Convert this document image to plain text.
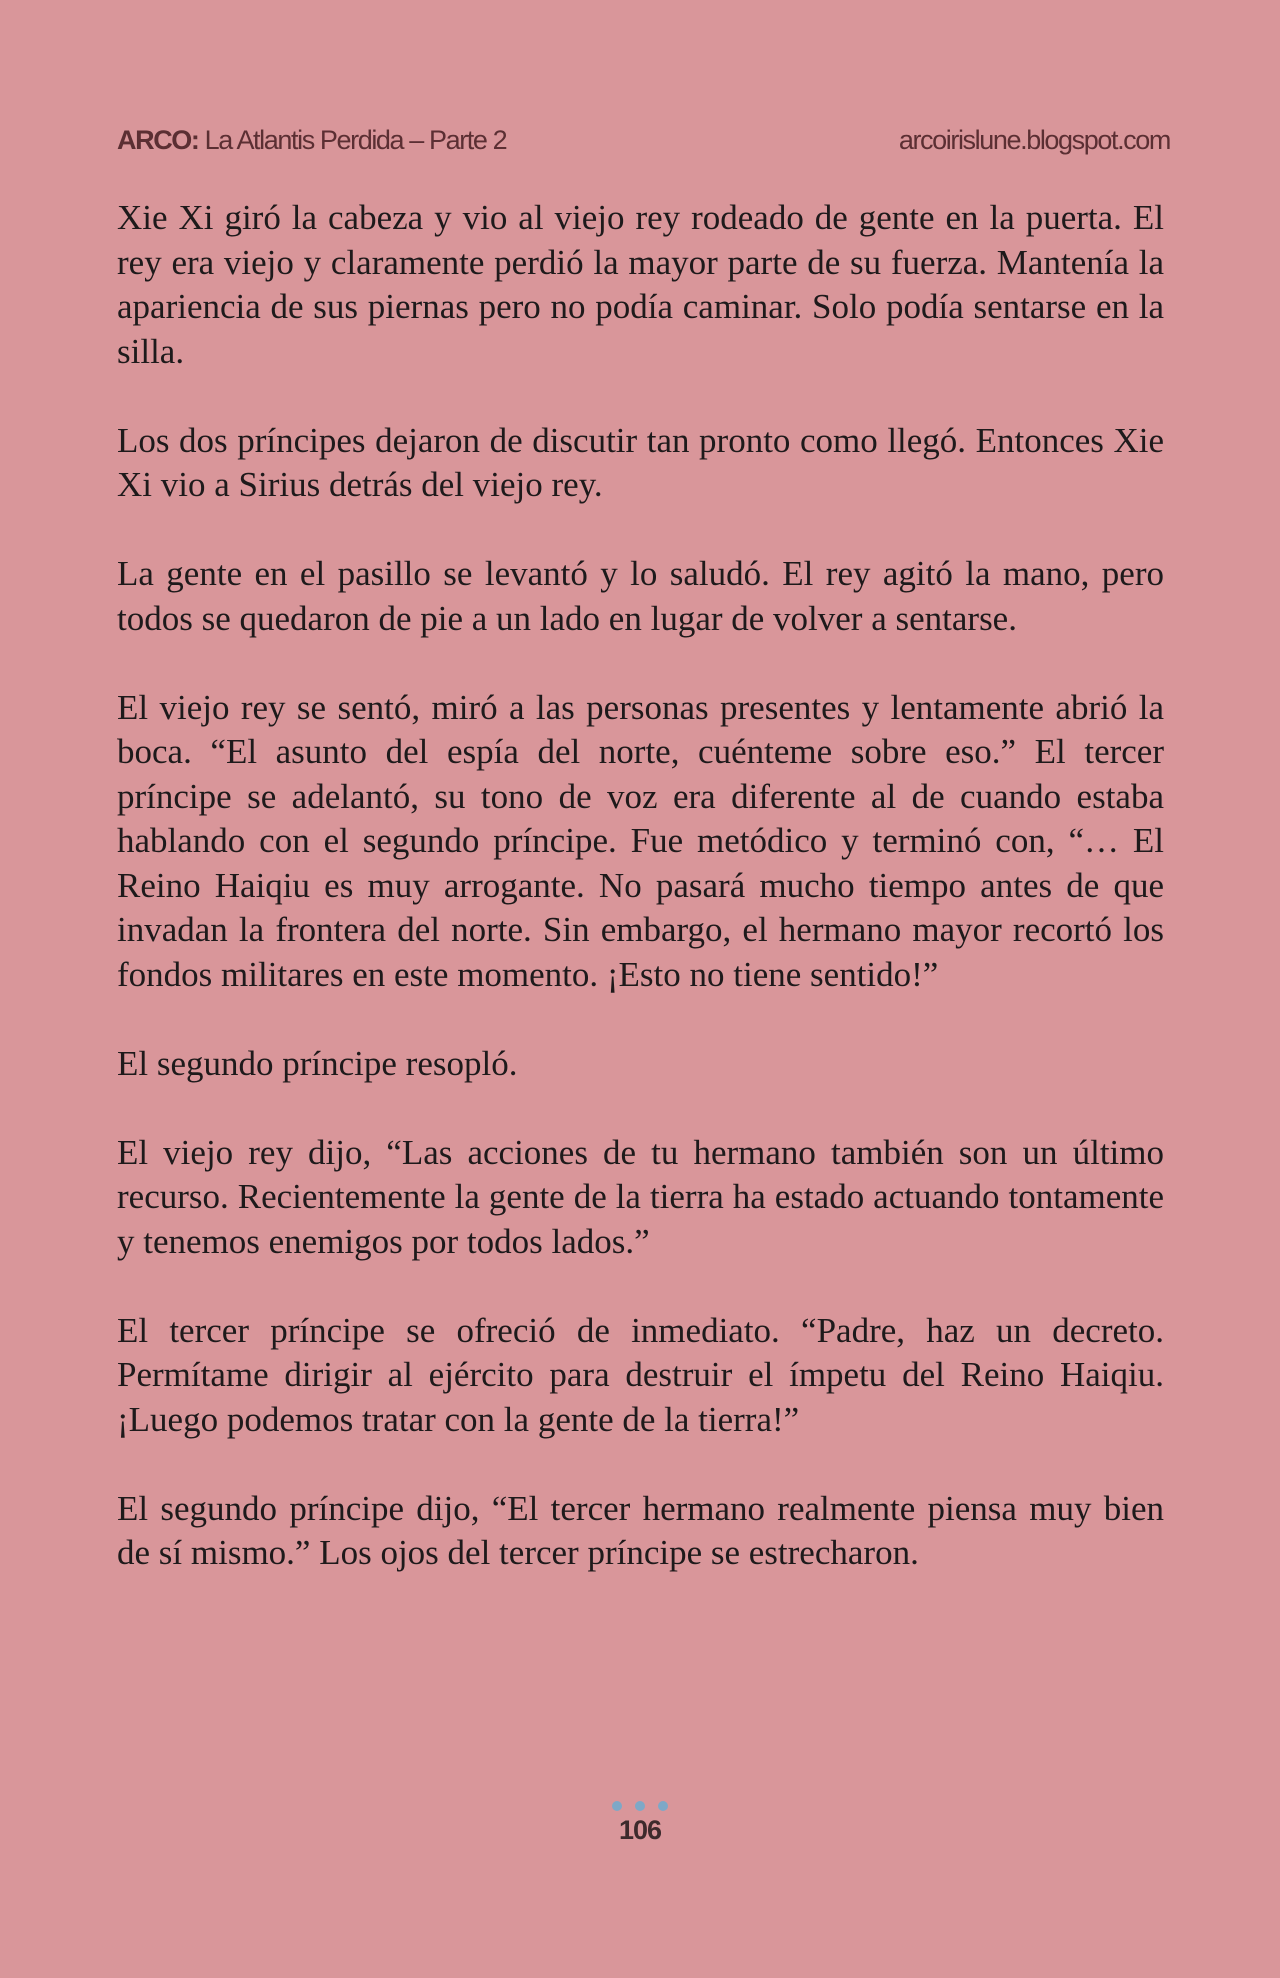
ARCO: La Atlantis Perdida – Parte 2	arcoirislune.blogspot.com

Xie Xi giró la cabeza y vio al viejo rey rodeado de gente en la puerta. El rey era viejo y claramente perdió la mayor parte de su fuerza. Mantenía la apariencia de sus piernas pero no podía caminar. Solo podía sentarse en la silla.

Los dos príncipes dejaron de discutir tan pronto como llegó. Entonces Xie Xi vio a Sirius detrás del viejo rey.

La gente en el pasillo se levantó y lo saludó. El rey agitó la mano, pero todos se quedaron de pie a un lado en lugar de volver a sentarse.

El viejo rey se sentó, miró a las personas presentes y lentamente abrió la boca. “El asunto del espía del norte, cuénteme sobre eso.” El tercer príncipe se adelantó, su tono de voz era diferente al de cuando estaba hablando con el segundo príncipe. Fue metódico y terminó con, “… El Reino Haiqiu es muy arrogante. No pasará mucho tiempo antes de que invadan la frontera del norte. Sin embargo, el hermano mayor recortó los fondos militares en este momento. ¡Esto no tiene sentido!”

El segundo príncipe resopló.

El viejo rey dijo, “Las acciones de tu hermano también son un último recurso. Recientemente la gente de la tierra ha estado actuando tontamente y tenemos enemigos por todos lados.”

El tercer príncipe se ofreció de inmediato. “Padre, haz un decreto. Permítame dirigir al ejército para destruir el ímpetu del Reino Haiqiu. ¡Luego podemos tratar con la gente de la tierra!”

El segundo príncipe dijo, “El tercer hermano realmente piensa muy bien de sí mismo.” Los ojos del tercer príncipe se estrecharon.

106
